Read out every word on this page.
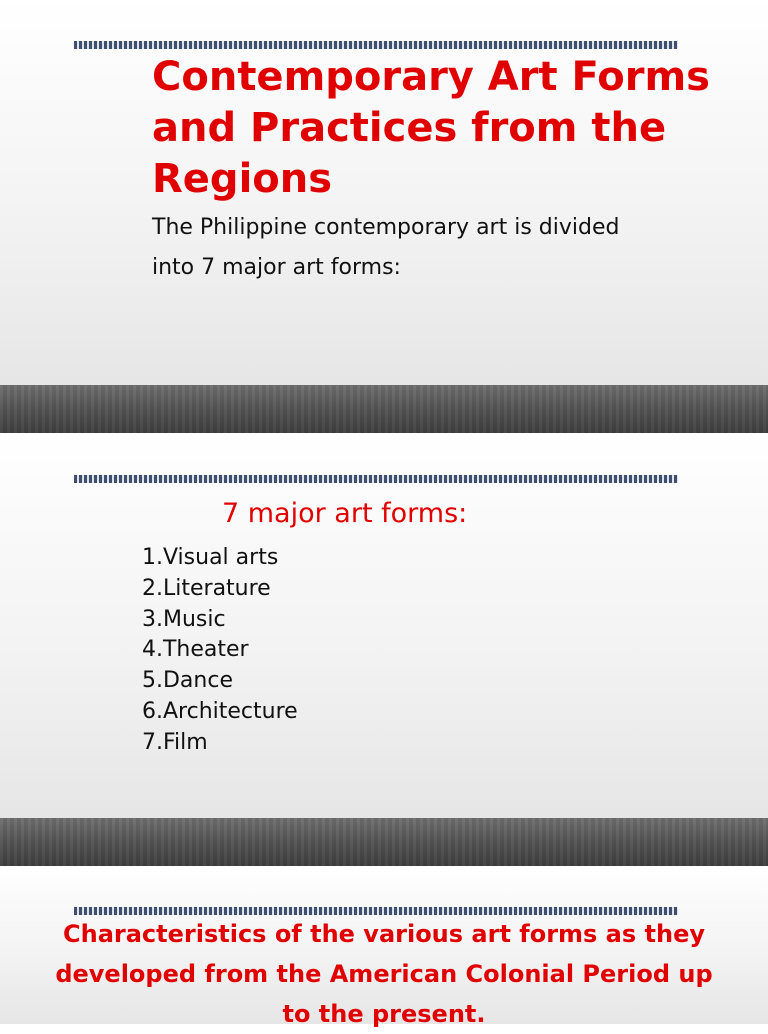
Contemporary Art Forms and Practices from the Regions

The Philippine contemporary art is divided into 7 major art forms:

7 major art forms:
1.Visual arts
2.Literature
3.Music
4.Theater
5.Dance
6.Architecture
7.Film
Characteristics of the various art forms as they developed from the American Colonial Period up to the present.
